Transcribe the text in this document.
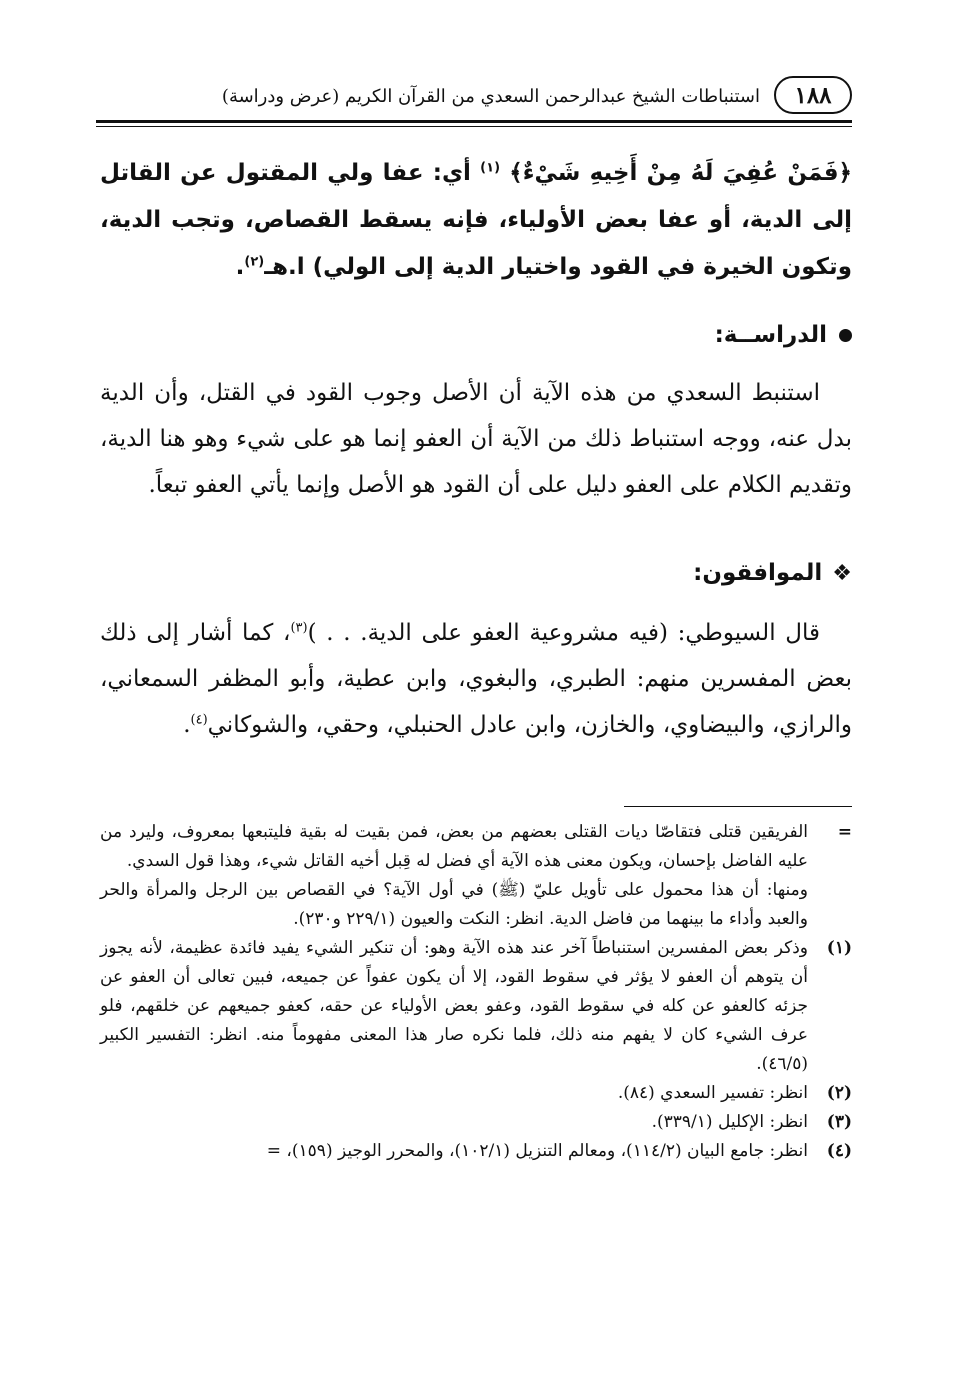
١٨٨
استنباطات الشيخ عبدالرحمن السعدي من القرآن الكريم (عرض ودراسة)
﴿فَمَنْ عُفِيَ لَهُ مِنْ أَخِيهِ شَيْءٌ﴾ $^{(١)}$ أي: عفا ولي المقتول عن القاتل إلى الدية، أو عفا بعض الأولياء، فإنه يسقط القصاص، وتجب الدية، وتكون الخيرة في القود واختيار الدية إلى الولي) ا.هـ$^{(٢)}$.
الدراســة:
استنبط السعدي من هذه الآية أن الأصل وجوب القود في القتل، وأن الدية بدل عنه، ووجه استنباط ذلك من الآية أن العفو إنما هو على شيء وهو هنا الدية، وتقديم الكلام على العفو دليل على أن القود هو الأصل وإنما يأتي العفو تبعاً.
❖الموافقون:
قال السيوطي: (فيه مشروعية العفو على الدية. . . )$^{(٣)}$، كما أشار إلى ذلك بعض المفسرين منهم: الطبري، والبغوي، وابن عطية، وأبو المظفر السمعاني، والرازي، والبيضاوي، والخازن، وابن عادل الحنبلي، وحقي، والشوكاني$^{(٤)}$.
=
الفريقين قتلى فتقاصّا ديات القتلى بعضهم من بعض، فمن بقيت له بقية فليتبعها بمعروف، وليرد من عليه الفاضل بإحسان، ويكون معنى هذه الآية أي فضل له قِبل أخيه القاتل شيء، وهذا قول السدي.
ومنها: أن هذا محمول على تأويل عليّ (ﷺ) في أول الآية؟ في القصاص بين الرجل والمرأة والحر والعبد وأداء ما بينهما من فاضل الدية. انظر: النكت والعيون (٢٢٩/١ و٢٣٠).
(١)
وذكر بعض المفسرين استنباطاً آخر عند هذه الآية وهو: أن تنكير الشيء يفيد فائدة عظيمة، لأنه يجوز أن يتوهم أن العفو لا يؤثر في سقوط القود، إلا أن يكون عفواً عن جميعه، فبين تعالى أن العفو عن جزئه كالعفو عن كله في سقوط القود، وعفو بعض الأولياء عن حقه، كعفو جميعهم عن خلقهم، فلو عرف الشيء كان لا يفهم منه ذلك، فلما نكره صار هذا المعنى مفهوماً منه. انظر: التفسير الكبير (٤٦/٥).
(٢)
انظر: تفسير السعدي (٨٤).
(٣)
انظر: الإكليل (٣٣٩/١).
(٤)
انظر: جامع البيان (١١٤/٢)، ومعالم التنزيل (١٠٢/١)، والمحرر الوجيز (١٥٩)، =
